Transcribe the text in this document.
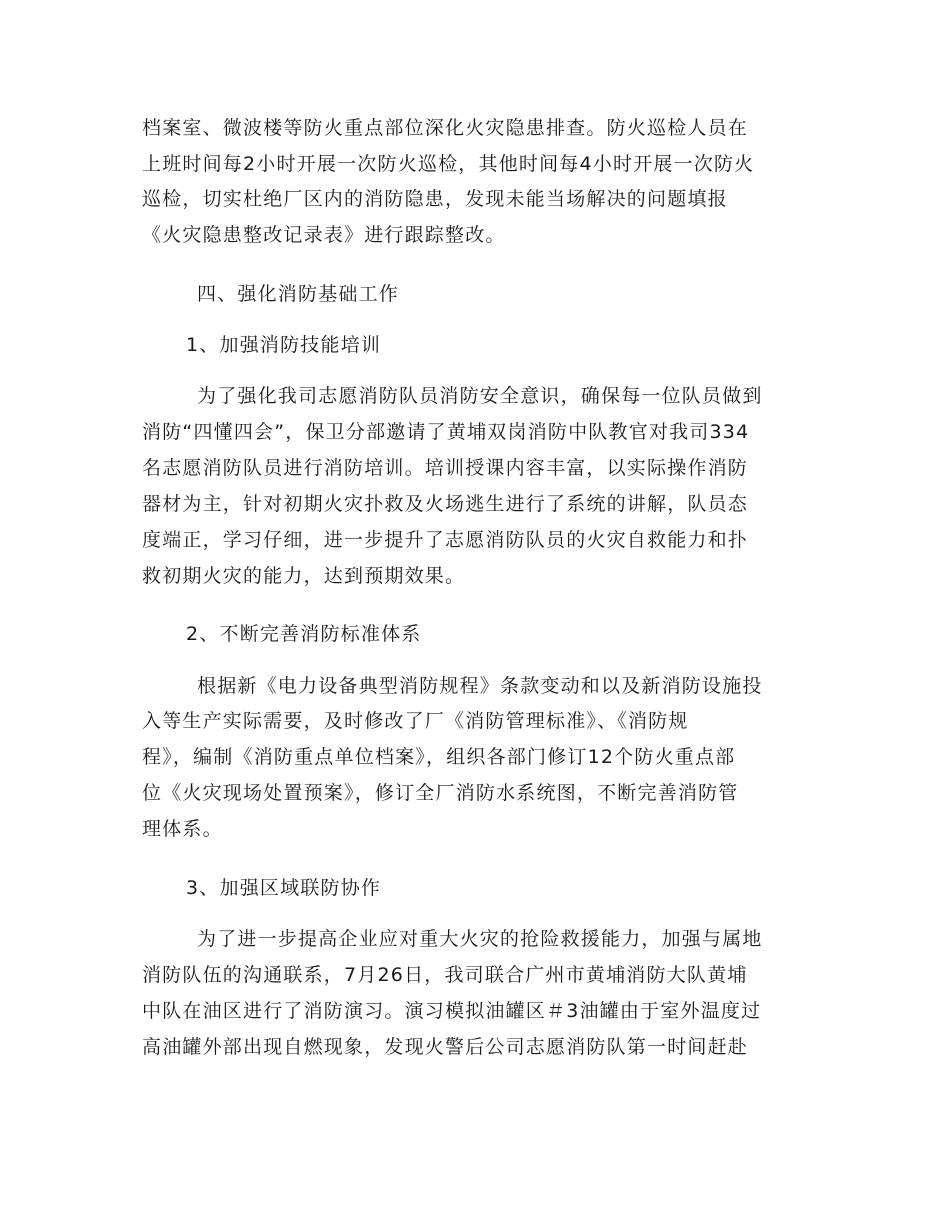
档案室、微波楼等防火重点部位深化火灾隐患排查。防火巡检人员在
上班时间每2小时开展一次防火巡检，其他时间每4小时开展一次防火
巡检，切实杜绝厂区内的消防隐患，发现未能当场解决的问题填报
《火灾隐患整改记录表》进行跟踪整改。
四、强化消防基础工作
1、加强消防技能培训
为了强化我司志愿消防队员消防安全意识，确保每一位队员做到
消防“四懂四会”，保卫分部邀请了黄埔双岗消防中队教官对我司334
名志愿消防队员进行消防培训。培训授课内容丰富，以实际操作消防
器材为主，针对初期火灾扑救及火场逃生进行了系统的讲解，队员态
度端正，学习仔细，进一步提升了志愿消防队员的火灾自救能力和扑
救初期火灾的能力，达到预期效果。
2、不断完善消防标准体系
根据新《电力设备典型消防规程》条款变动和以及新消防设施投
入等生产实际需要，及时修改了厂《消防管理标准》、《消防规
程》，编制《消防重点单位档案》，组织各部门修订12个防火重点部
位《火灾现场处置预案》，修订全厂消防水系统图，不断完善消防管
理体系。
3、加强区域联防协作
为了进一步提高企业应对重大火灾的抢险救援能力，加强与属地
消防队伍的沟通联系，7月26日，我司联合广州市黄埔消防大队黄埔
中队在油区进行了消防演习。演习模拟油罐区＃3油罐由于室外温度过
高油罐外部出现自燃现象，发现火警后公司志愿消防队第一时间赶赴
